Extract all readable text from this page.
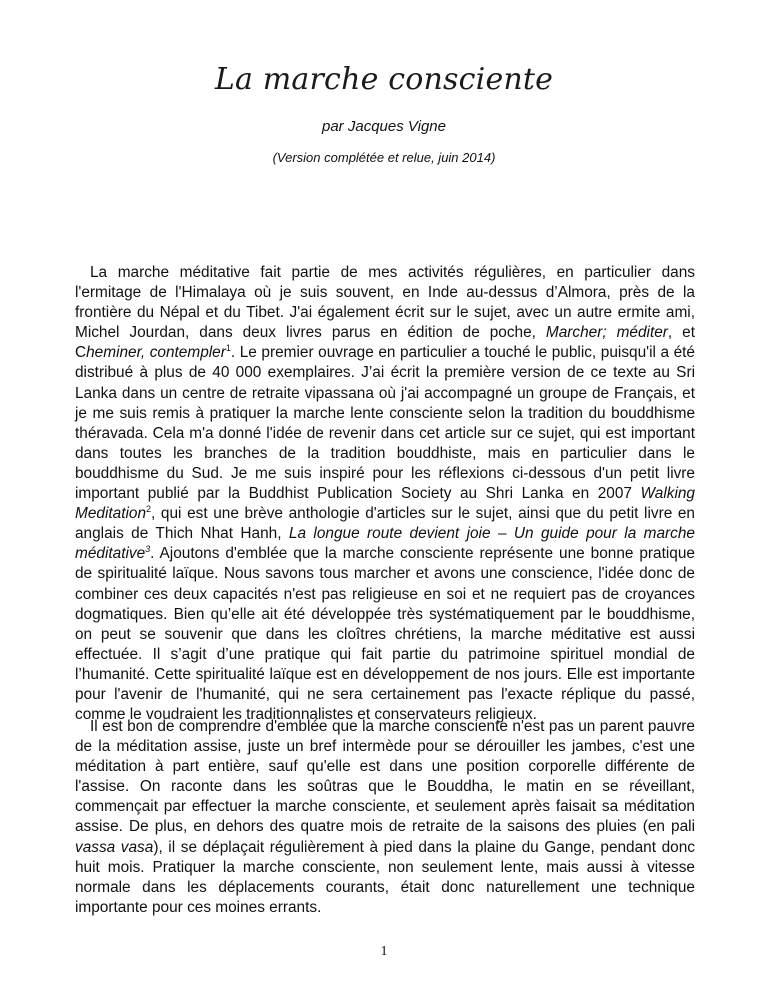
La marche consciente
par Jacques Vigne
(Version complétée et relue, juin 2014)

La marche méditative fait partie de mes activités régulières, en particulier dans l'ermitage de l'Himalaya où je suis souvent, en Inde au-dessus d’Almora, près de la frontière du Népal et du Tibet. J'ai également écrit sur le sujet, avec un autre ermite ami, Michel Jourdan, dans deux livres parus en édition de poche, Marcher; méditer, et Cheminer, contempler$^1$. Le premier ouvrage en particulier a touché le public, puisqu'il a été distribué à plus de 40 000 exemplaires. J’ai écrit la première version de ce texte au Sri Lanka dans un centre de retraite vipassana où j'ai accompagné un groupe de Français, et je me suis remis à pratiquer la marche lente consciente selon la tradition du bouddhisme théravada. Cela m'a donné l'idée de revenir dans cet article sur ce sujet, qui est important dans toutes les branches de la tradition bouddhiste, mais en particulier dans le bouddhisme du Sud. Je me suis inspiré pour les réflexions ci-dessous d'un petit livre important publié par la Buddhist Publication Society au Shri Lanka en 2007 Walking Meditation$^2$, qui est une brève anthologie d'articles sur le sujet, ainsi que du petit livre en anglais de Thich Nhat Hanh, La longue route devient joie – Un guide pour la marche méditative$^3$. Ajoutons d'emblée que la marche consciente représente une bonne pratique de spiritualité laïque. Nous savons tous marcher et avons une conscience, l'idée donc de combiner ces deux capacités n'est pas religieuse en soi et ne requiert pas de croyances dogmatiques. Bien qu’elle ait été développée très systématiquement par le bouddhisme, on peut se souvenir que dans les cloîtres chrétiens, la marche méditative est aussi effectuée. Il s’agit d’une pratique qui fait partie du patrimoine spirituel mondial de l’humanité. Cette spiritualité laïque est en développement de nos jours. Elle est importante pour l'avenir de l'humanité, qui ne sera certainement pas l'exacte réplique du passé, comme le voudraient les traditionnalistes et conservateurs religieux.

Il est bon de comprendre d'emblée que la marche consciente n'est pas un parent pauvre de la méditation assise, juste un bref intermède pour se dérouiller les jambes, c'est une méditation à part entière, sauf qu'elle est dans une position corporelle différente de l'assise. On raconte dans les soûtras que le Bouddha, le matin en se réveillant, commençait par effectuer la marche consciente, et seulement après faisait sa méditation assise. De plus, en dehors des quatre mois de retraite de la saisons des pluies (en pali vassa vasa), il se déplaçait régulièrement à pied dans la plaine du Gange, pendant donc huit mois. Pratiquer la marche consciente, non seulement lente, mais aussi à vitesse normale dans les déplacements courants, était donc naturellement une technique importante pour ces moines errants.

1
